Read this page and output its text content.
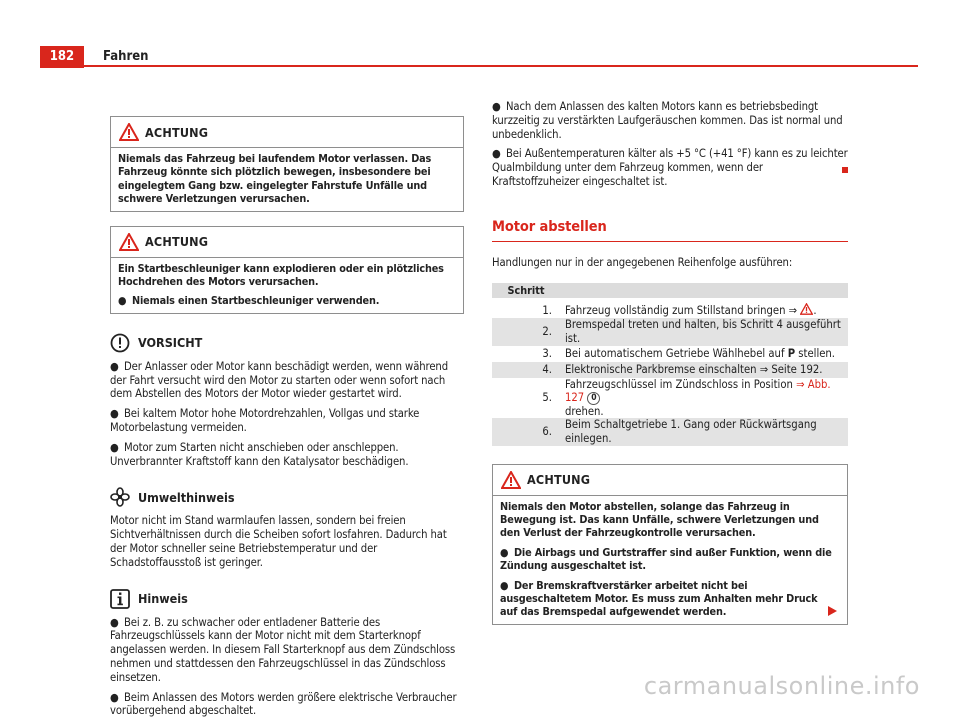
182	Fahren
ACHTUNG

Niemals das Fahrzeug bei laufendem Motor verlassen. Das Fahrzeug könnte sich plötzlich bewegen, insbesondere bei eingelegtem Gang bzw. eingelegter Fahrstufe Unfälle und schwere Verletzungen verursachen.

ACHTUNG

Ein Startbeschleuniger kann explodieren oder ein plötzliches Hochdrehen des Motors verursachen.

● Niemals einen Startbeschleuniger verwenden.

VORSICHT

● Der Anlasser oder Motor kann beschädigt werden, wenn während der Fahrt versucht wird den Motor zu starten oder wenn sofort nach dem Abstellen des Motors der Motor wieder gestartet wird.

● Bei kaltem Motor hohe Motordrehzahlen, Vollgas und starke Motorbelastung vermeiden.

● Motor zum Starten nicht anschieben oder anschleppen. Unverbrannter Kraftstoff kann den Katalysator beschädigen.

Umwelthinweis

Motor nicht im Stand warmlaufen lassen, sondern bei freien Sichtverhältnissen durch die Scheiben sofort losfahren. Dadurch hat der Motor schneller seine Betriebstemperatur und der Schadstoffausstoß ist geringer.

Hinweis

● Bei z. B. zu schwacher oder entladener Batterie des Fahrzeugschlüssels kann der Motor nicht mit dem Starterknopf angelassen werden. In diesem Fall Starterknopf aus dem Zündschloss nehmen und stattdessen den Fahrzeugschlüssel in das Zündschloss einsetzen.

● Beim Anlassen des Motors werden größere elektrische Verbraucher vorübergehend abgeschaltet.

● Nach dem Anlassen des kalten Motors kann es betriebsbedingt kurzzeitig zu verstärkten Laufgeräuschen kommen. Das ist normal und unbedenklich.

● Bei Außentemperaturen kälter als +5 °C (+41 °F) kann es zu leichter Qualmbildung unter dem Fahrzeug kommen, wenn der Kraftstoffzuheizer eingeschaltet ist.

Motor abstellen

Handlungen nur in der angegebenen Reihenfolge ausführen:

Schritt	

1.	Fahrzeug vollständig zum Stillstand bringen ⇒ .
2.	Bremspedal treten und halten, bis Schritt 4 ausgeführt ist.
3.	Bei automatischem Getriebe Wählhebel auf P stellen.
4.	Elektronische Parkbremse einschalten ⇒ Seite 192.
5.	Fahrzeugschlüssel im Zündschloss in Position ⇒ Abb. 127 0
drehen.
6.	Beim Schaltgetriebe 1. Gang oder Rückwärtsgang einlegen.
ACHTUNG

Niemals den Motor abstellen, solange das Fahrzeug in Bewegung ist. Das kann Unfälle, schwere Verletzungen und den Verlust der Fahrzeugkontrolle verursachen.

● Die Airbags und Gurtstraffer sind außer Funktion, wenn die Zündung ausgeschaltet ist.

● Der Bremskraftverstärker arbeitet nicht bei ausgeschaltetem Motor. Es muss zum Anhalten mehr Druck auf das Bremspedal aufgewendet werden.

carmanualsonline.info
